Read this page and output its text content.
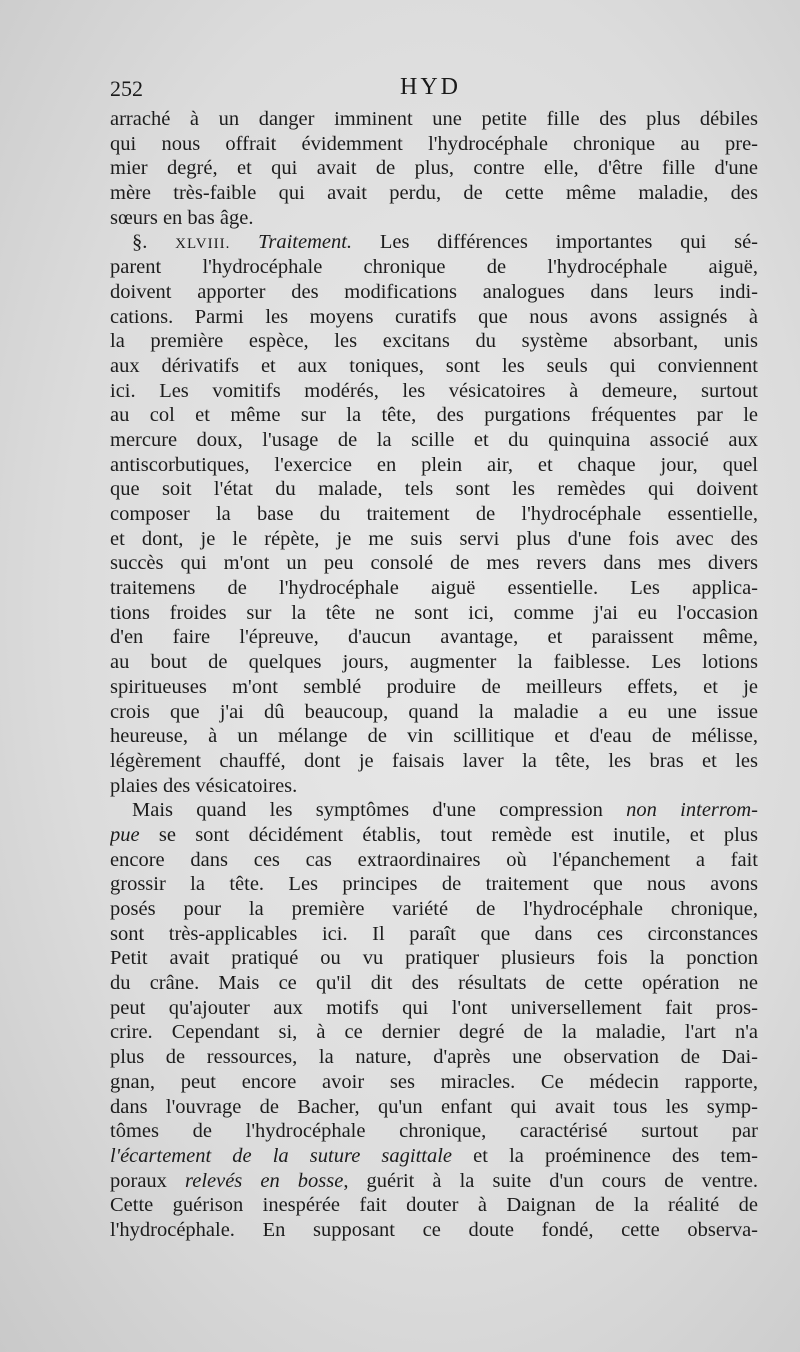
252	HYD
arraché à un danger imminent une petite fille des plus débiles
qui nous offrait évidemment l'hydrocéphale chronique au pre-
mier degré, et qui avait de plus, contre elle, d'être fille d'une
mère très-faible qui avait perdu, de cette même maladie, des
sœurs en bas âge.
§. XLVIII. Traitement. Les différences importantes qui sé-
parent l'hydrocéphale chronique de l'hydrocéphale aiguë,
doivent apporter des modifications analogues dans leurs indi-
cations. Parmi les moyens curatifs que nous avons assignés à
la première espèce, les excitans du système absorbant, unis
aux dérivatifs et aux toniques, sont les seuls qui conviennent
ici. Les vomitifs modérés, les vésicatoires à demeure, surtout
au col et même sur la tête, des purgations fréquentes par le
mercure doux, l'usage de la scille et du quinquina associé aux
antiscorbutiques, l'exercice en plein air, et chaque jour, quel
que soit l'état du malade, tels sont les remèdes qui doivent
composer la base du traitement de l'hydrocéphale essentielle,
et dont, je le répète, je me suis servi plus d'une fois avec des
succès qui m'ont un peu consolé de mes revers dans mes divers
traitemens de l'hydrocéphale aiguë essentielle. Les applica-
tions froides sur la tête ne sont ici, comme j'ai eu l'occasion
d'en faire l'épreuve, d'aucun avantage, et paraissent même,
au bout de quelques jours, augmenter la faiblesse. Les lotions
spiritueuses m'ont semblé produire de meilleurs effets, et je
crois que j'ai dû beaucoup, quand la maladie a eu une issue
heureuse, à un mélange de vin scillitique et d'eau de mélisse,
légèrement chauffé, dont je faisais laver la tête, les bras et les
plaies des vésicatoires.
Mais quand les symptômes d'une compression non interrom-
pue se sont décidément établis, tout remède est inutile, et plus
encore dans ces cas extraordinaires où l'épanchement a fait
grossir la tête. Les principes de traitement que nous avons
posés pour la première variété de l'hydrocéphale chronique,
sont très-applicables ici. Il paraît que dans ces circonstances
Petit avait pratiqué ou vu pratiquer plusieurs fois la ponction
du crâne. Mais ce qu'il dit des résultats de cette opération ne
peut qu'ajouter aux motifs qui l'ont universellement fait pros-
crire. Cependant si, à ce dernier degré de la maladie, l'art n'a
plus de ressources, la nature, d'après une observation de Dai-
gnan, peut encore avoir ses miracles. Ce médecin rapporte,
dans l'ouvrage de Bacher, qu'un enfant qui avait tous les symp-
tômes de l'hydrocéphale chronique, caractérisé surtout par
l'écartement de la suture sagittale et la proéminence des tem-
poraux relevés en bosse, guérit à la suite d'un cours de ventre.
Cette guérison inespérée fait douter à Daignan de la réalité de
l'hydrocéphale. En supposant ce doute fondé, cette observa-
